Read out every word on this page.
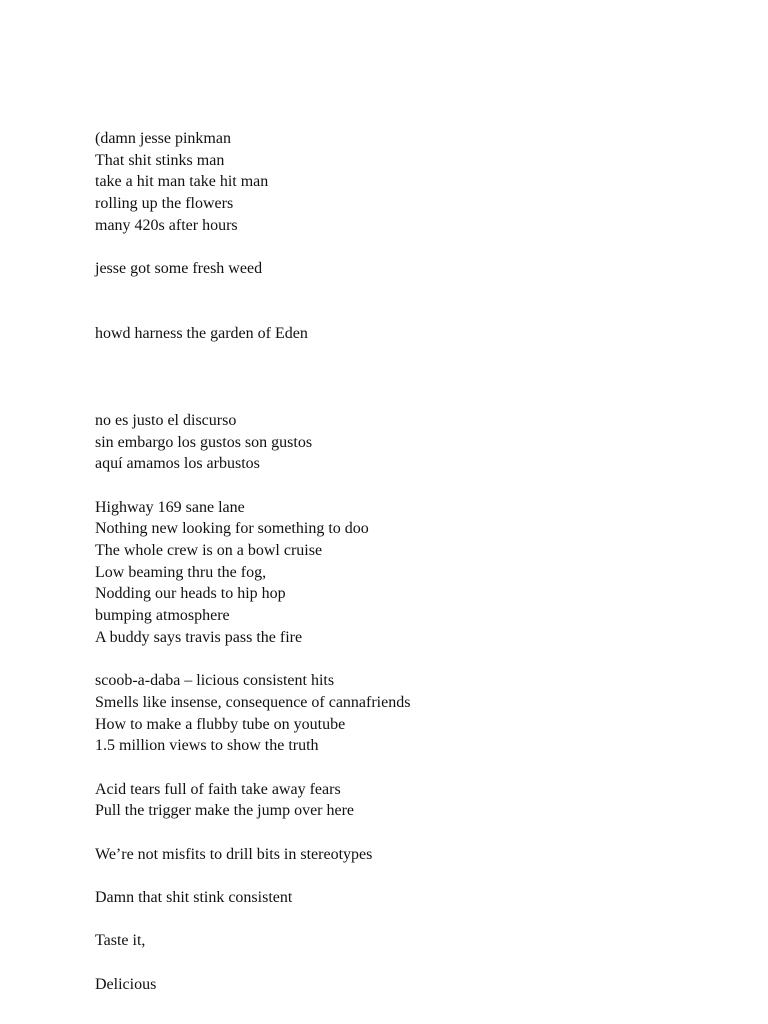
(damn jesse pinkman
That shit stinks man
take a hit man take hit man
rolling up the flowers
many 420s after hours
jesse got some fresh weed
howd harness the garden of Eden
no es justo el discurso
sin embargo los gustos son gustos
aquí amamos los arbustos
Highway 169 sane lane
Nothing new looking for something to doo
The whole crew is on a bowl cruise
Low beaming thru the fog,
Nodding our heads to hip hop
bumping atmosphere
A buddy says travis pass the fire
scoob-a-daba – licious consistent hits
Smells like insense, consequence of cannafriends
How to make a flubby tube on youtube
1.5 million views to show the truth
Acid tears full of faith take away fears
Pull the trigger make the jump over here
We’re not misfits to drill bits in stereotypes
Damn that shit stink consistent
Taste it,
Delicious
